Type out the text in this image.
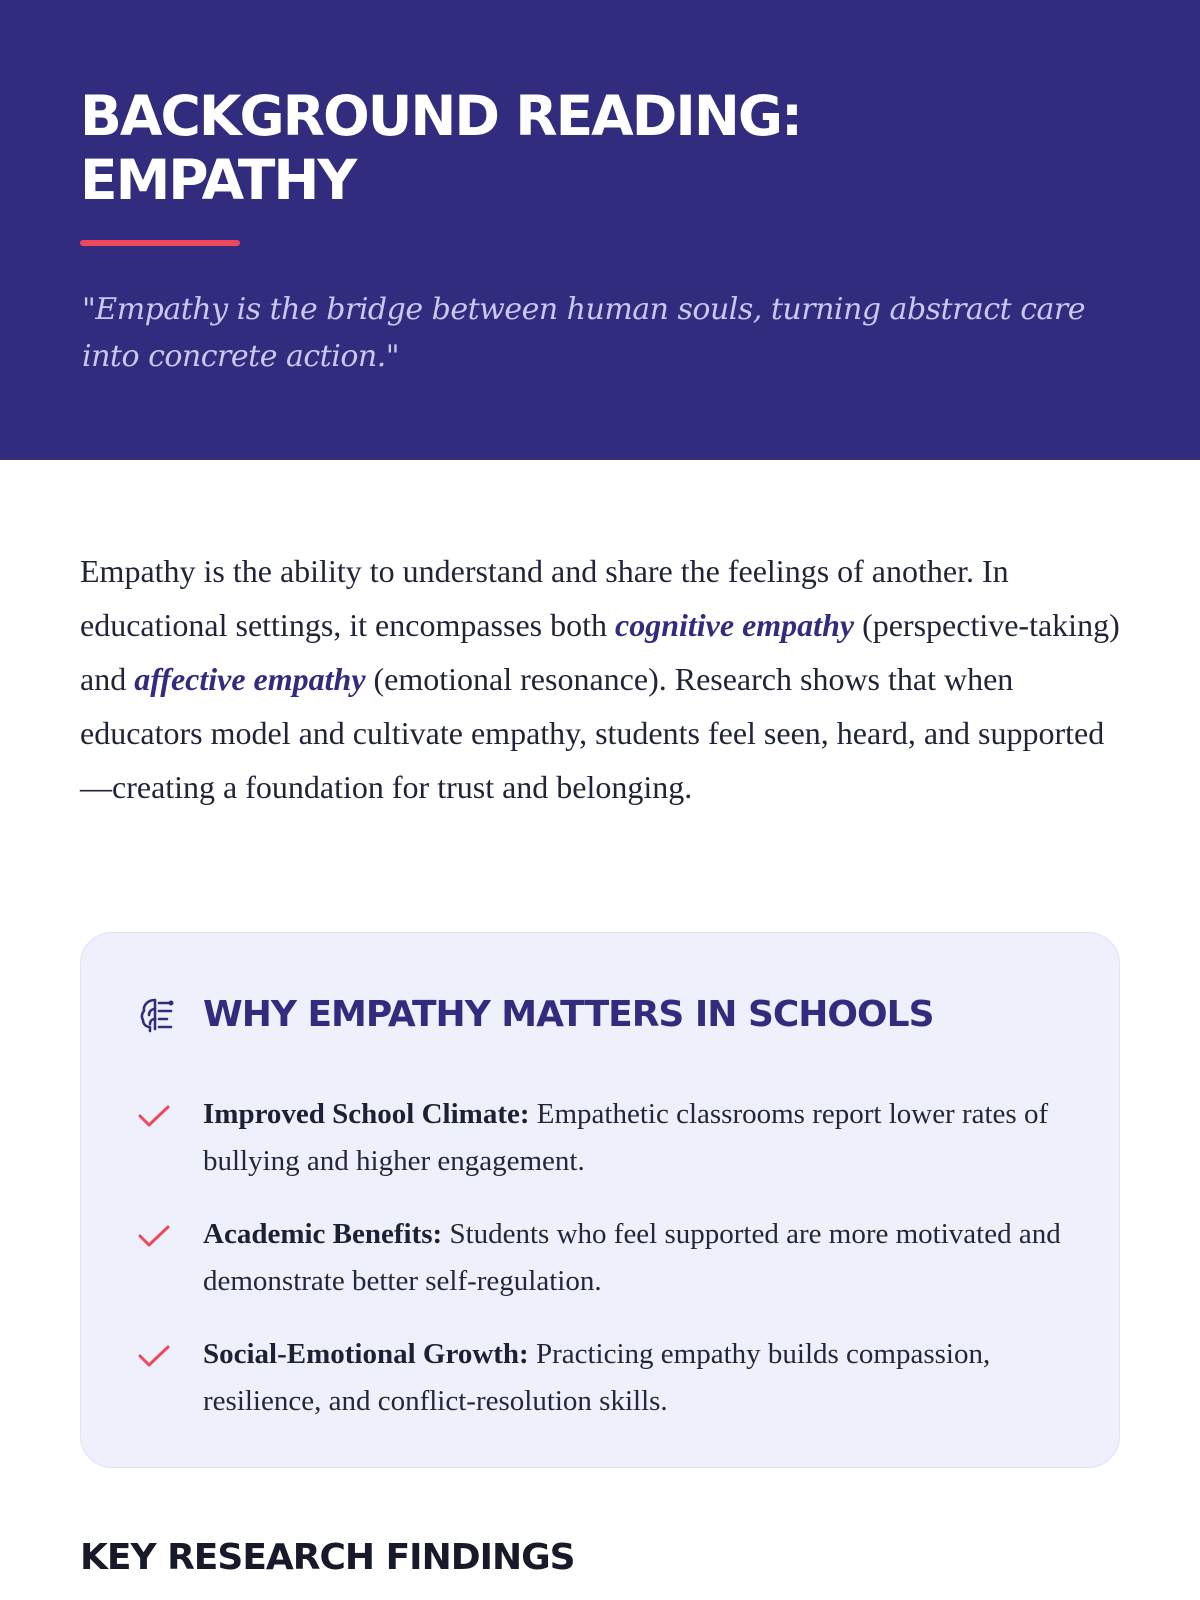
BACKGROUND READING:
EMPATHY

"Empathy is the bridge between human souls, turning abstract care into concrete action."

Empathy is the ability to understand and share the feelings of another. In educational settings, it encompasses both cognitive empathy (perspective-taking) and affective empathy (emotional resonance). Research shows that when educators model and cultivate empathy, students feel seen, heard, and supported—creating a foundation for trust and belonging.

WHY EMPATHY MATTERS IN SCHOOLS

Improved School Climate: Empathetic classrooms report lower rates of bullying and higher engagement.

Academic Benefits: Students who feel supported are more motivated and demonstrate better self-regulation.

Social-Emotional Growth: Practicing empathy builds compassion, resilience, and conflict-resolution skills.

KEY RESEARCH FINDINGS
